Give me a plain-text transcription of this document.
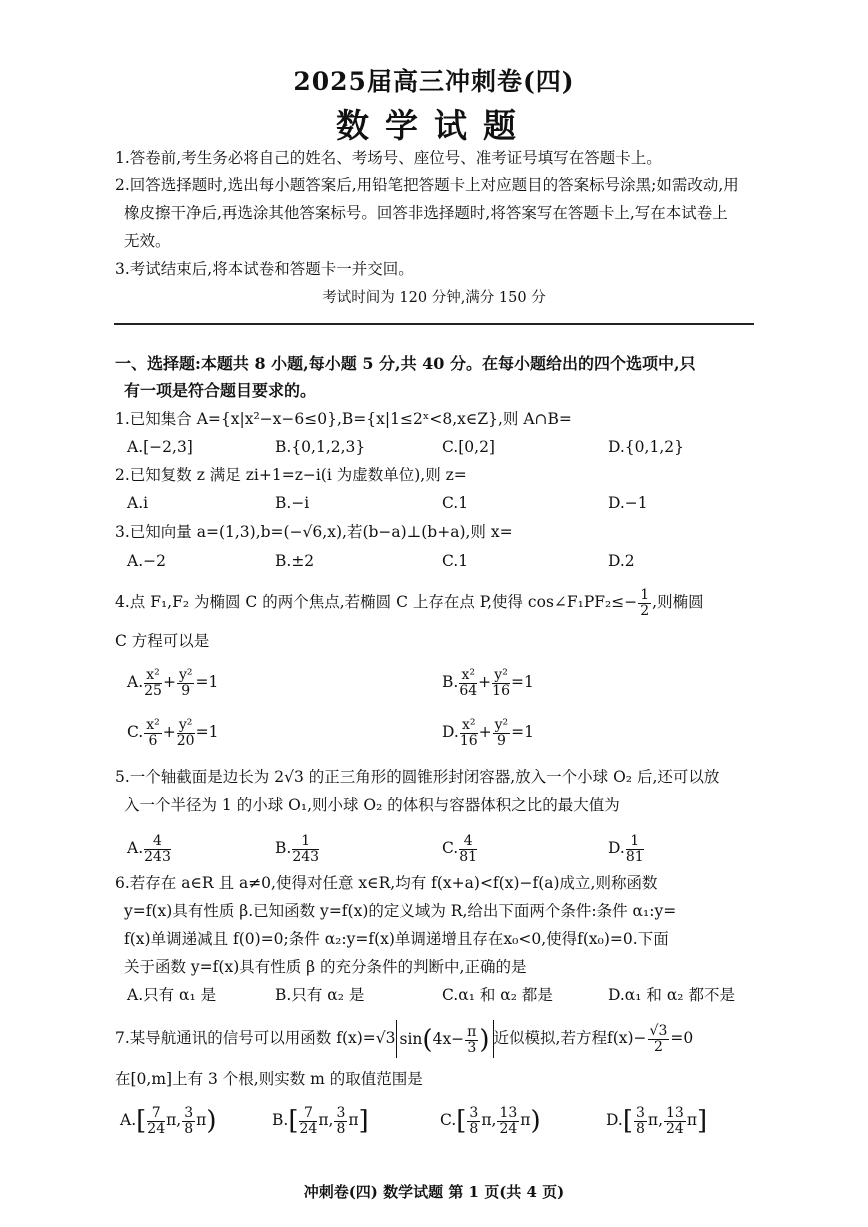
2025届高三冲刺卷(四)
数学试题
1.答卷前,考生务必将自己的姓名、考场号、座位号、准考证号填写在答题卡上。
2.回答选择题时,选出每小题答案后,用铅笔把答题卡上对应题目的答案标号涂黑;如需改动,用
橡皮擦干净后,再选涂其他答案标号。回答非选择题时,将答案写在答题卡上,写在本试卷上
无效。
3.考试结束后,将本试卷和答题卡一并交回。
考试时间为 120 分钟,满分 150 分
一、选择题:本题共 8 小题,每小题 5 分,共 40 分。在每小题给出的四个选项中,只
有一项是符合题目要求的。
1.已知集合 A={x|x²−x−6≤0},B={x|1≤2ˣ<8,x∈Z},则 A∩B=
A.[−2,3]	B.{0,1,2,3}	C.[0,2]	D.{0,1,2}
2.已知复数 z 满足 zi+1=z−i(i 为虚数单位),则 z=
A.i	B.−i	C.1	D.−1
3.已知向量 a=(1,3),b=(−√6,x),若(b−a)⊥(b+a),则 x=
A.−2	B.±2	C.1	D.2
4.点 F₁,F₂ 为椭圆 C 的两个焦点,若椭圆 C 上存在点 P,使得 cos∠F₁PF₂≤− $\frac{1}{2}$ ,则椭圆
C 方程可以是
A. $\frac{\text{x²}}{25} + \frac{\text{y²}}{9} =1$	B. $\frac{\text{x²}}{64} + \frac{\text{y²}}{16} =1$
C. $\frac{\text{x²}}{6} + \frac{\text{y²}}{20} =1$	D. $\frac{\text{x²}}{16} + \frac{\text{y²}}{9} =1$
5.一个轴截面是边长为 2√3 的正三角形的圆锥形封闭容器,放入一个小球 O₂ 后,还可以放
入一个半径为 1 的小球 O₁,则小球 O₂ 的体积与容器体积之比的最大值为
A. $\frac{4}{243}$	B. $\frac{1}{243}$	C. $\frac{4}{81}$	D. $\frac{1}{81}$
6.若存在 a∈R 且 a≠0,使得对任意 x∈R,均有 f(x+a)<f(x)−f(a)成立,则称函数
y=f(x)具有性质 β.已知函数 y=f(x)的定义域为 R,给出下面两个条件:条件 α₁:y=
f(x)单调递减且 f(0)=0;条件 α₂:y=f(x)单调递增且存在x₀<0,使得f(x₀)=0.下面
关于函数 y=f(x)具有性质 β 的充分条件的判断中,正确的是
A.只有 α₁ 是	B.只有 α₂ 是	C.α₁ 和 α₂ 都是	D.α₁ 和 α₂ 都不是
7.某导航通讯的信号可以用函数 f(x)=√3 $\sin(4x- \frac{\pi}{3}$ ) 近似模拟,若方程$f(x)- \frac{√3}{2} =0$
在[0,m]上有 3 个根,则实数 m 的取值范围是
$A.[ \frac{7}{24} \pi$, $\frac{3}{8} \pi$)	$B.[ \frac{7}{24} \pi$, $\frac{3}{8} \pi$]	$C.[ \frac{3}{8} \pi$, $\frac{13}{24} \pi$)	$D.[ \frac{3}{8} \pi$, $\frac{13}{24} \pi$]
冲刺卷(四) 数学试题 第 1 页(共 4 页)
